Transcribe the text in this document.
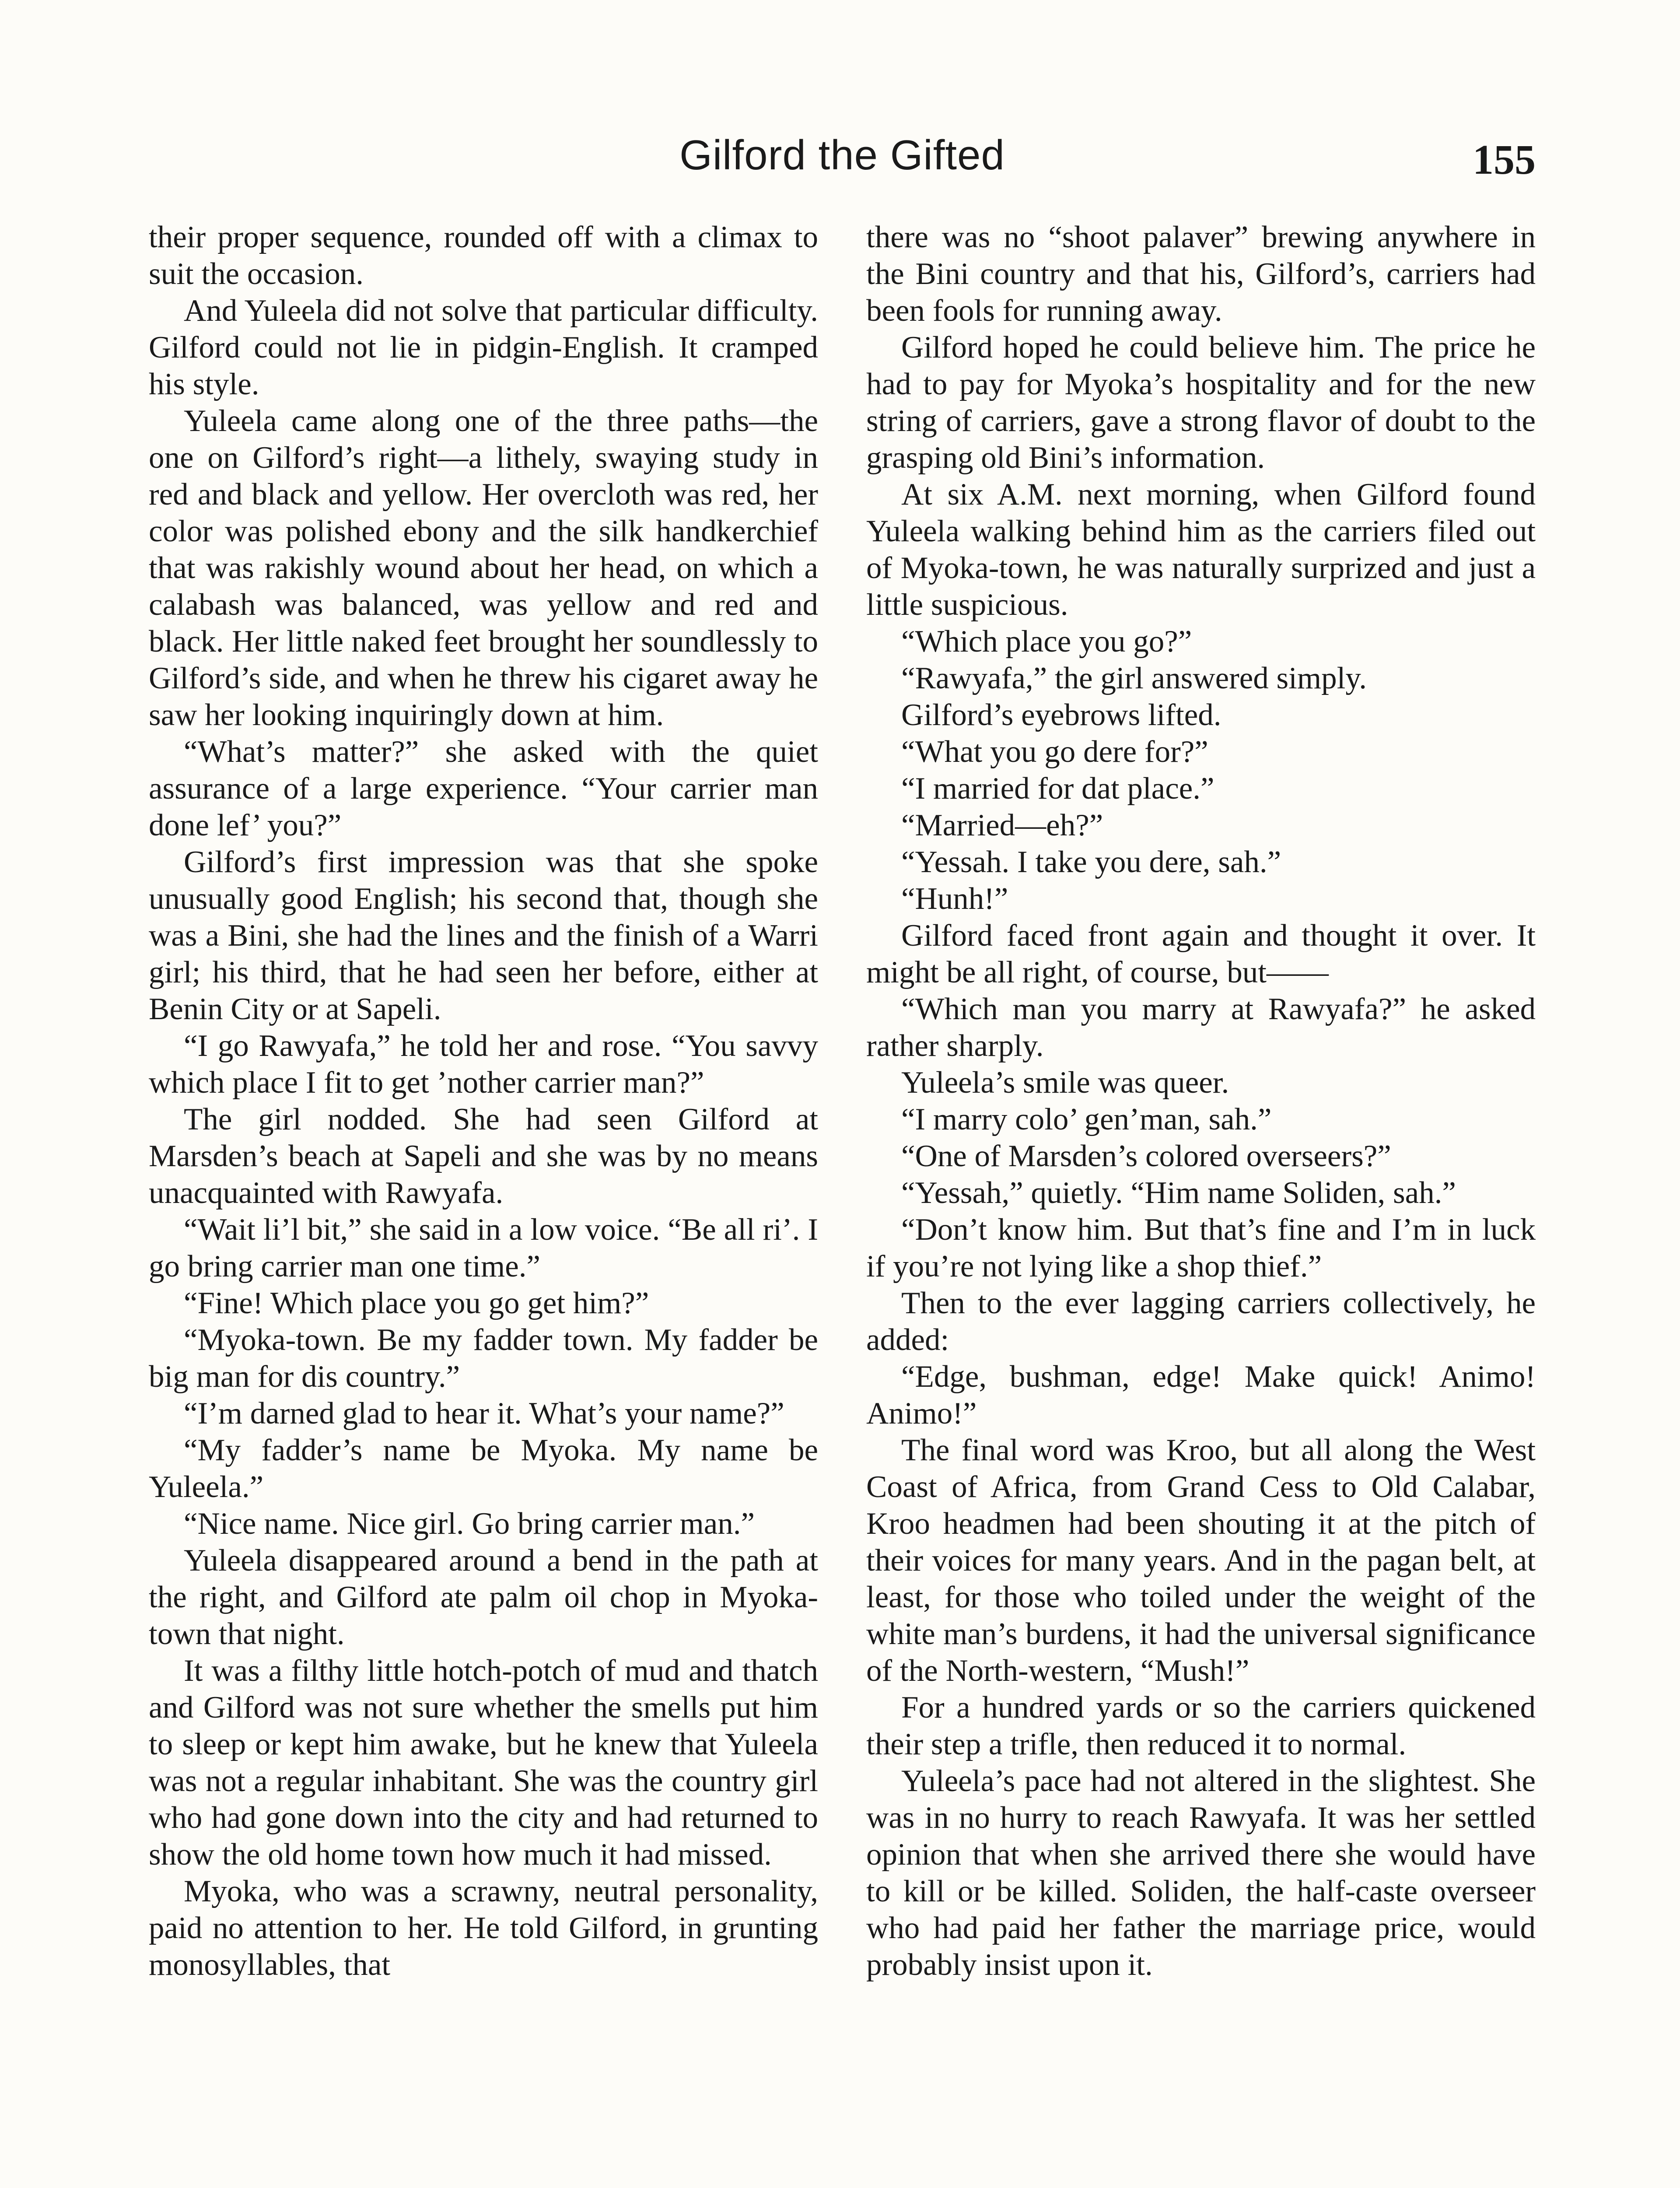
Gilford the Gifted	155

their proper sequence, rounded off with a climax to suit the occasion.

And Yuleela did not solve that particular difficulty. Gilford could not lie in pidgin-English. It cramped his style.

Yuleela came along one of the three paths—the one on Gilford’s right—a lithely, swaying study in red and black and yellow. Her overcloth was red, her color was polished ebony and the silk handkerchief that was rakishly wound about her head, on which a calabash was balanced, was yellow and red and black. Her little naked feet brought her soundlessly to Gilford’s side, and when he threw his cigaret away he saw her looking inquiringly down at him.

“What’s matter?” she asked with the quiet assurance of a large experience. “Your carrier man done lef’ you?”

Gilford’s first impression was that she spoke unusually good English; his second that, though she was a Bini, she had the lines and the finish of a Warri girl; his third, that he had seen her before, either at Benin City or at Sapeli.

“I go Rawyafa,” he told her and rose. “You savvy which place I fit to get ’nother carrier man?”

The girl nodded. She had seen Gilford at Marsden’s beach at Sapeli and she was by no means unacquainted with Rawyafa.

“Wait li’l bit,” she said in a low voice. “Be all ri’. I go bring carrier man one time.”

“Fine! Which place you go get him?”

“Myoka-town. Be my fadder town. My fadder be big man for dis country.”

“I’m darned glad to hear it. What’s your name?”

“My fadder’s name be Myoka. My name be Yuleela.”

“Nice name. Nice girl. Go bring carrier man.”

Yuleela disappeared around a bend in the path at the right, and Gilford ate palm oil chop in Myoka-town that night.

It was a filthy little hotch-potch of mud and thatch and Gilford was not sure whether the smells put him to sleep or kept him awake, but he knew that Yuleela was not a regular inhabitant. She was the country girl who had gone down into the city and had returned to show the old home town how much it had missed.

Myoka, who was a scrawny, neutral personality, paid no attention to her. He told Gilford, in grunting monosyllables, that

there was no “shoot palaver” brewing anywhere in the Bini country and that his, Gilford’s, carriers had been fools for running away.

Gilford hoped he could believe him. The price he had to pay for Myoka’s hospitality and for the new string of carriers, gave a strong flavor of doubt to the grasping old Bini’s information.

At six A.M. next morning, when Gilford found Yuleela walking behind him as the carriers filed out of Myoka-town, he was naturally surprized and just a little suspicious.

“Which place you go?”

“Rawyafa,” the girl answered simply.

Gilford’s eyebrows lifted.

“What you go dere for?”

“I married for dat place.”

“Married—eh?”

“Yessah. I take you dere, sah.”

“Hunh!”

Gilford faced front again and thought it over. It might be all right, of course, but——

“Which man you marry at Rawyafa?” he asked rather sharply.

Yuleela’s smile was queer.

“I marry colo’ gen’man, sah.”

“One of Marsden’s colored overseers?”

“Yessah,” quietly. “Him name Soliden, sah.”

“Don’t know him. But that’s fine and I’m in luck if you’re not lying like a shop thief.”

Then to the ever lagging carriers collectively, he added:

“Edge, bushman, edge! Make quick! Animo! Animo!”

The final word was Kroo, but all along the West Coast of Africa, from Grand Cess to Old Calabar, Kroo headmen had been shouting it at the pitch of their voices for many years. And in the pagan belt, at least, for those who toiled under the weight of the white man’s burdens, it had the universal significance of the North-western, “Mush!”

For a hundred yards or so the carriers quickened their step a trifle, then reduced it to normal.

Yuleela’s pace had not altered in the slightest. She was in no hurry to reach Rawyafa. It was her settled opinion that when she arrived there she would have to kill or be killed. Soliden, the half-caste overseer who had paid her father the marriage price, would probably insist upon it.
